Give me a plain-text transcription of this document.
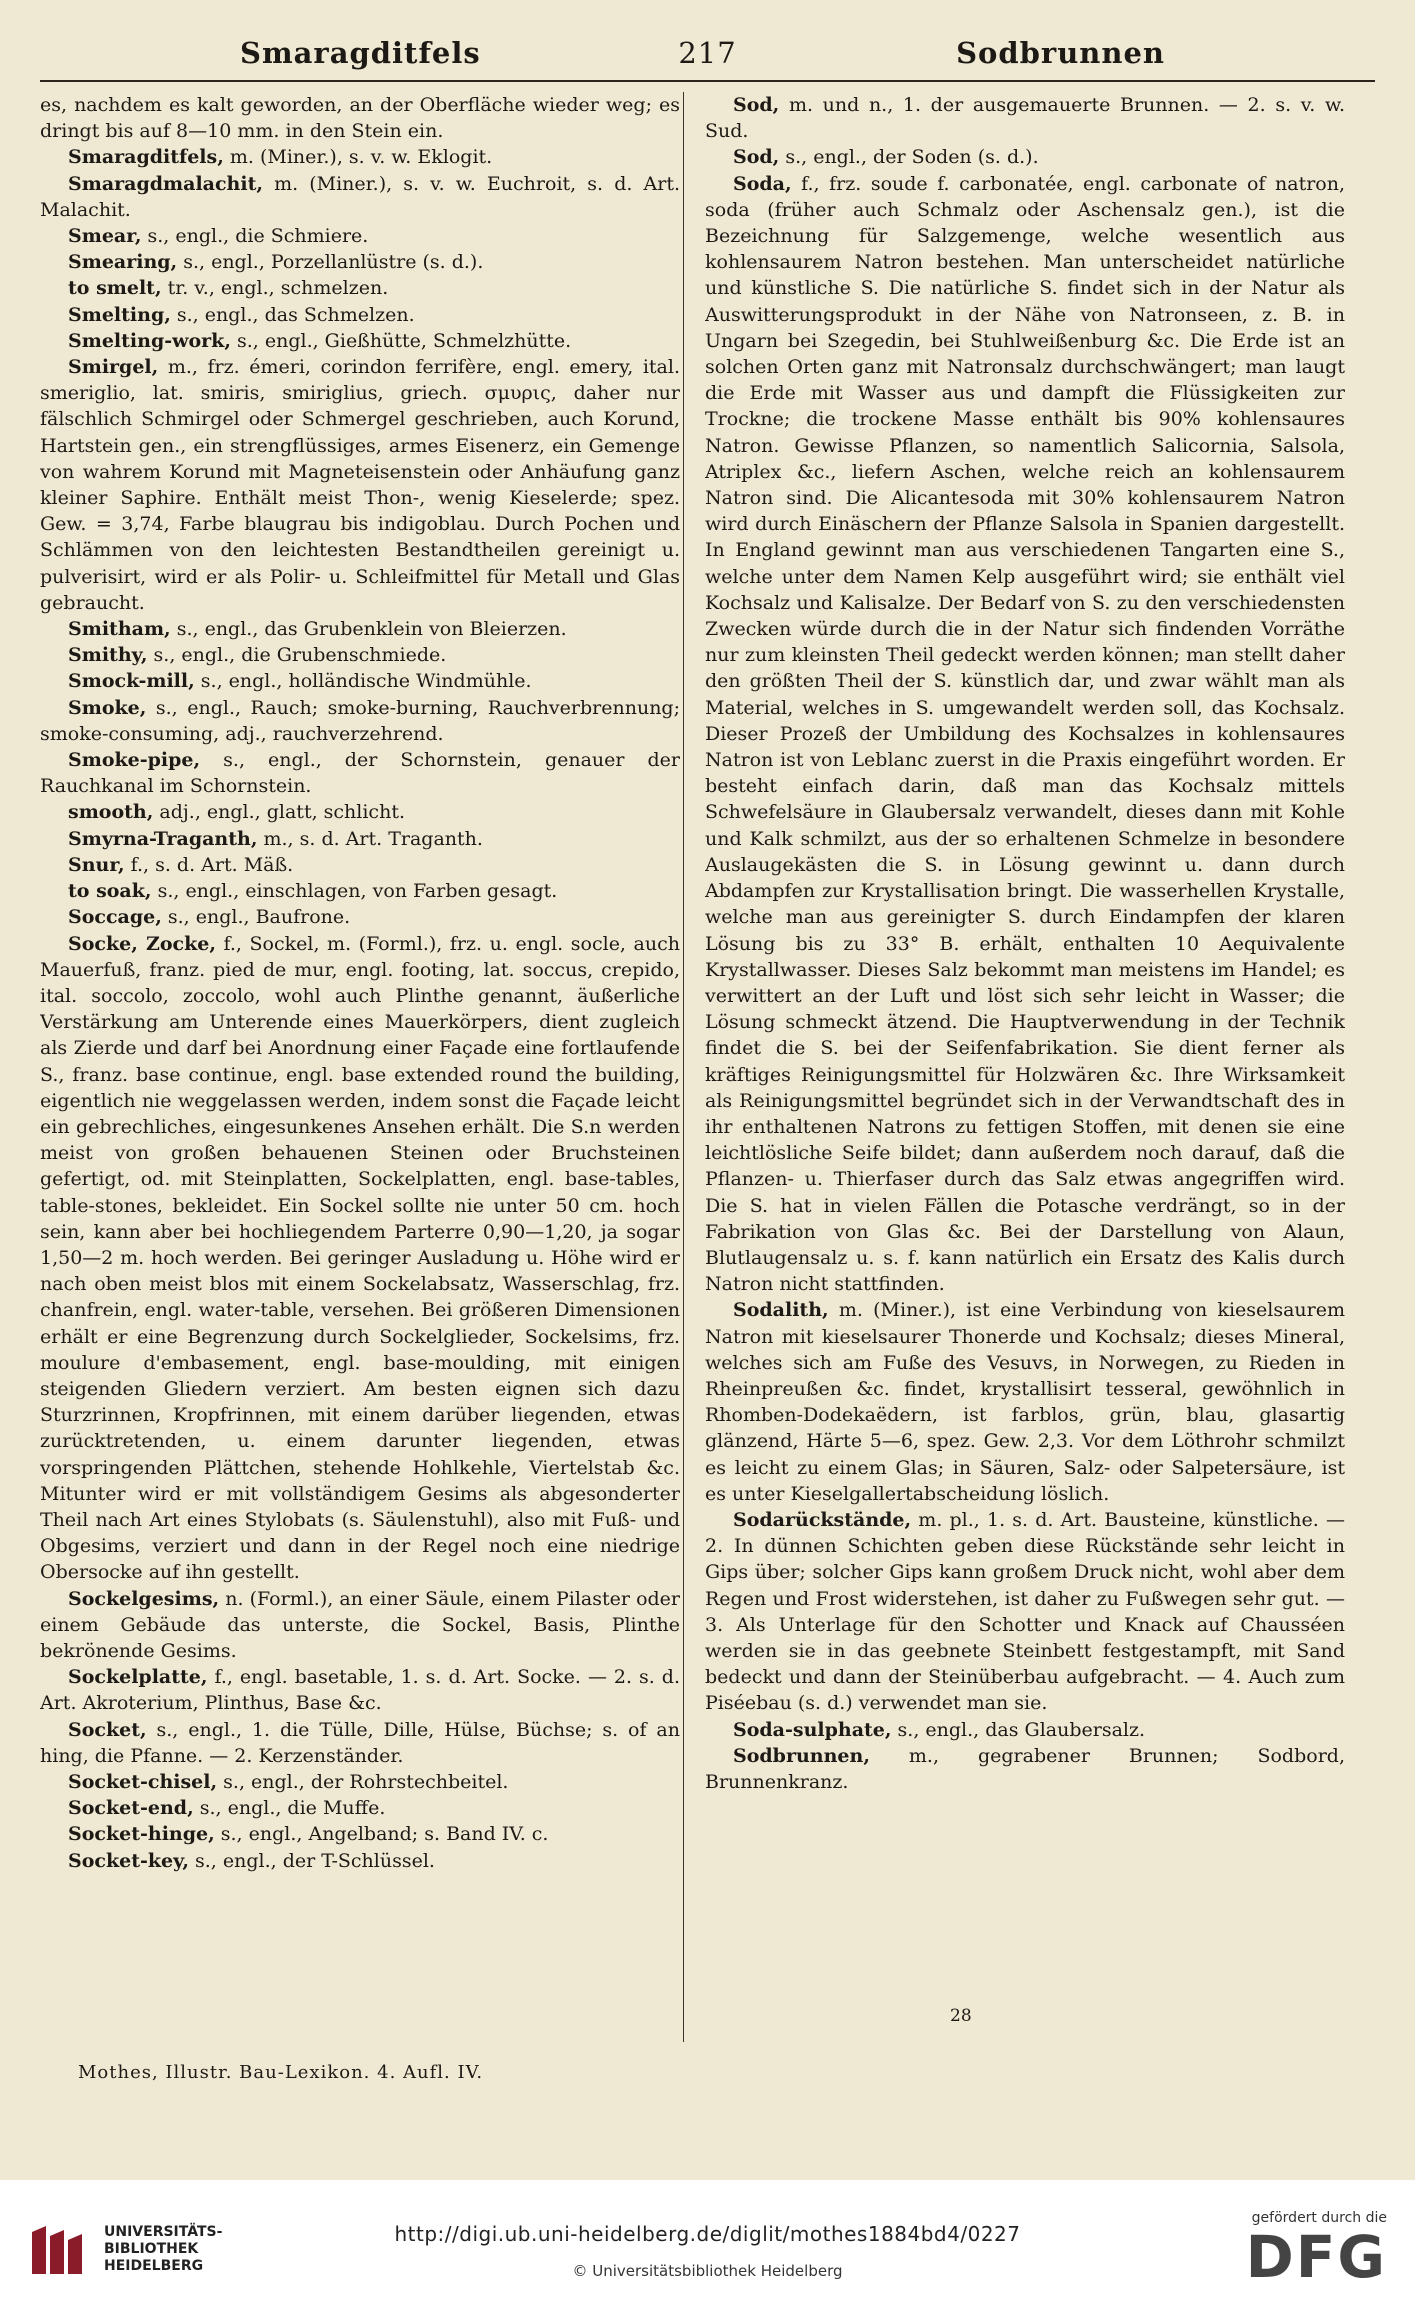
Smaragditfels	217	Sodbrunnen

es, nachdem es kalt geworden, an der Oberfläche wieder weg; es dringt bis auf 8—10 mm. in den Stein ein.

Smaragditfels, m. (Miner.), s. v. w. Eklogit.

Smaragdmalachit, m. (Miner.), s. v. w. Euchroit, s. d. Art. Malachit.

Smear, s., engl., die Schmiere.

Smearing, s., engl., Porzellanlüstre (s. d.).

to smelt, tr. v., engl., schmelzen.

Smelting, s., engl., das Schmelzen.

Smelting-work, s., engl., Gießhütte, Schmelzhütte.

Smirgel, m., frz. émeri, corindon ferrifère, engl. emery, ital. smeriglio, lat. smiris, smiriglius, griech. σμυρις, daher nur fälschlich Schmirgel oder Schmergel geschrieben, auch Korund, Hartstein gen., ein strengflüssiges, armes Eisenerz, ein Gemenge von wahrem Korund mit Magneteisenstein oder Anhäufung ganz kleiner Saphire. Enthält meist Thon-, wenig Kieselerde; spez. Gew. = 3,74, Farbe blaugrau bis indigoblau. Durch Pochen und Schlämmen von den leichtesten Bestandtheilen gereinigt u. pulverisirt, wird er als Polir- u. Schleifmittel für Metall und Glas gebraucht.

Smitham, s., engl., das Grubenklein von Bleierzen.

Smithy, s., engl., die Grubenschmiede.

Smock-mill, s., engl., holländische Windmühle.

Smoke, s., engl., Rauch; smoke-burning, Rauchverbrennung; smoke-consuming, adj., rauchverzehrend.

Smoke-pipe, s., engl., der Schornstein, genauer der Rauchkanal im Schornstein.

smooth, adj., engl., glatt, schlicht.

Smyrna-Traganth, m., s. d. Art. Traganth.

Snur, f., s. d. Art. Mäß.

to soak, s., engl., einschlagen, von Farben gesagt.

Soccage, s., engl., Baufrone.

Socke, Zocke, f., Sockel, m. (Forml.), frz. u. engl. socle, auch Mauerfuß, franz. pied de mur, engl. footing, lat. soccus, crepido, ital. soccolo, zoccolo, wohl auch Plinthe genannt, äußerliche Verstärkung am Unterende eines Mauerkörpers, dient zugleich als Zierde und darf bei Anordnung einer Façade eine fortlaufende S., franz. base continue, engl. base extended round the building, eigentlich nie weggelassen werden, indem sonst die Façade leicht ein gebrechliches, eingesunkenes Ansehen erhält. Die S.n werden meist von großen behauenen Steinen oder Bruchsteinen gefertigt, od. mit Steinplatten, Sockelplatten, engl. base-tables, table-stones, bekleidet. Ein Sockel sollte nie unter 50 cm. hoch sein, kann aber bei hochliegendem Parterre 0,90—1,20, ja sogar 1,50—2 m. hoch werden. Bei geringer Ausladung u. Höhe wird er nach oben meist blos mit einem Sockelabsatz, Wasserschlag, frz. chanfrein, engl. water-table, versehen. Bei größeren Dimensionen erhält er eine Begrenzung durch Sockelglieder, Sockelsims, frz. moulure d'embasement, engl. base-moulding, mit einigen steigenden Gliedern verziert. Am besten eignen sich dazu Sturzrinnen, Kropfrinnen, mit einem darüber liegenden, etwas zurücktretenden, u. einem darunter liegenden, etwas vorspringenden Plättchen, stehende Hohlkehle, Viertelstab &c. Mitunter wird er mit vollständigem Gesims als abgesonderter Theil nach Art eines Stylobats (s. Säulenstuhl), also mit Fuß- und Obgesims, verziert und dann in der Regel noch eine niedrige Obersocke auf ihn gestellt.

Sockelgesims, n. (Forml.), an einer Säule, einem Pilaster oder einem Gebäude das unterste, die Sockel, Basis, Plinthe bekrönende Gesims.

Sockelplatte, f., engl. basetable, 1. s. d. Art. Socke. — 2. s. d. Art. Akroterium, Plinthus, Base &c.

Socket, s., engl., 1. die Tülle, Dille, Hülse, Büchse; s. of an hing, die Pfanne. — 2. Kerzenständer.

Socket-chisel, s., engl., der Rohrstechbeitel.

Socket-end, s., engl., die Muffe.

Socket-hinge, s., engl., Angelband; s. Band IV. c.

Socket-key, s., engl., der T-Schlüssel.

Sod, m. und n., 1. der ausgemauerte Brunnen. — 2. s. v. w. Sud.

Sod, s., engl., der Soden (s. d.).

Soda, f., frz. soude f. carbonatée, engl. carbonate of natron, soda (früher auch Schmalz oder Aschensalz gen.), ist die Bezeichnung für Salzgemenge, welche wesentlich aus kohlensaurem Natron bestehen. Man unterscheidet natürliche und künstliche S. Die natürliche S. findet sich in der Natur als Auswitterungsprodukt in der Nähe von Natronseen, z. B. in Ungarn bei Szegedin, bei Stuhlweißenburg &c. Die Erde ist an solchen Orten ganz mit Natronsalz durchschwängert; man laugt die Erde mit Wasser aus und dampft die Flüssigkeiten zur Trockne; die trockene Masse enthält bis 90% kohlensaures Natron. Gewisse Pflanzen, so namentlich Salicornia, Salsola, Atriplex &c., liefern Aschen, welche reich an kohlensaurem Natron sind. Die Alicantesoda mit 30% kohlensaurem Natron wird durch Einäschern der Pflanze Salsola in Spanien dargestellt. In England gewinnt man aus verschiedenen Tangarten eine S., welche unter dem Namen Kelp ausgeführt wird; sie enthält viel Kochsalz und Kalisalze. Der Bedarf von S. zu den verschiedensten Zwecken würde durch die in der Natur sich findenden Vorräthe nur zum kleinsten Theil gedeckt werden können; man stellt daher den größten Theil der S. künstlich dar, und zwar wählt man als Material, welches in S. umgewandelt werden soll, das Kochsalz. Dieser Prozeß der Umbildung des Kochsalzes in kohlensaures Natron ist von Leblanc zuerst in die Praxis eingeführt worden. Er besteht einfach darin, daß man das Kochsalz mittels Schwefelsäure in Glaubersalz verwandelt, dieses dann mit Kohle und Kalk schmilzt, aus der so erhaltenen Schmelze in besondere Auslaugekästen die S. in Lösung gewinnt u. dann durch Abdampfen zur Krystallisation bringt. Die wasserhellen Krystalle, welche man aus gereinigter S. durch Eindampfen der klaren Lösung bis zu 33° B. erhält, enthalten 10 Aequivalente Krystallwasser. Dieses Salz bekommt man meistens im Handel; es verwittert an der Luft und löst sich sehr leicht in Wasser; die Lösung schmeckt ätzend. Die Hauptverwendung in der Technik findet die S. bei der Seifenfabrikation. Sie dient ferner als kräftiges Reinigungsmittel für Holzwären &c. Ihre Wirksamkeit als Reinigungsmittel begründet sich in der Verwandtschaft des in ihr enthaltenen Natrons zu fettigen Stoffen, mit denen sie eine leichtlösliche Seife bildet; dann außerdem noch darauf, daß die Pflanzen- u. Thierfaser durch das Salz etwas angegriffen wird. Die S. hat in vielen Fällen die Potasche verdrängt, so in der Fabrikation von Glas &c. Bei der Darstellung von Alaun, Blutlaugensalz u. s. f. kann natürlich ein Ersatz des Kalis durch Natron nicht stattfinden.

Sodalith, m. (Miner.), ist eine Verbindung von kieselsaurem Natron mit kieselsaurer Thonerde und Kochsalz; dieses Mineral, welches sich am Fuße des Vesuvs, in Norwegen, zu Rieden in Rheinpreußen &c. findet, krystallisirt tesseral, gewöhnlich in Rhomben-Dodekaëdern, ist farblos, grün, blau, glasartig glänzend, Härte 5—6, spez. Gew. 2,3. Vor dem Löthrohr schmilzt es leicht zu einem Glas; in Säuren, Salz- oder Salpetersäure, ist es unter Kieselgallertabscheidung löslich.

Sodarückstände, m. pl., 1. s. d. Art. Bausteine, künstliche. — 2. In dünnen Schichten geben diese Rückstände sehr leicht in Gips über; solcher Gips kann großem Druck nicht, wohl aber dem Regen und Frost widerstehen, ist daher zu Fußwegen sehr gut. — 3. Als Unterlage für den Schotter und Knack auf Chausséen werden sie in das geebnete Steinbett festgestampft, mit Sand bedeckt und dann der Steinüberbau aufgebracht. — 4. Auch zum Piséebau (s. d.) verwendet man sie.

Soda-sulphate, s., engl., das Glaubersalz.

Sodbrunnen, m., gegrabener Brunnen; Sodbord, Brunnenkranz.

28
Mothes, Illustr. Bau-Lexikon. 4. Aufl. IV.
UNIVERSITÄTS-
BIBLIOTHEK
HEIDELBERG
http://digi.ub.uni-heidelberg.de/diglit/mothes1884bd4/0227
© Universitätsbibliothek Heidelberg
gefördert durch die
DFG
